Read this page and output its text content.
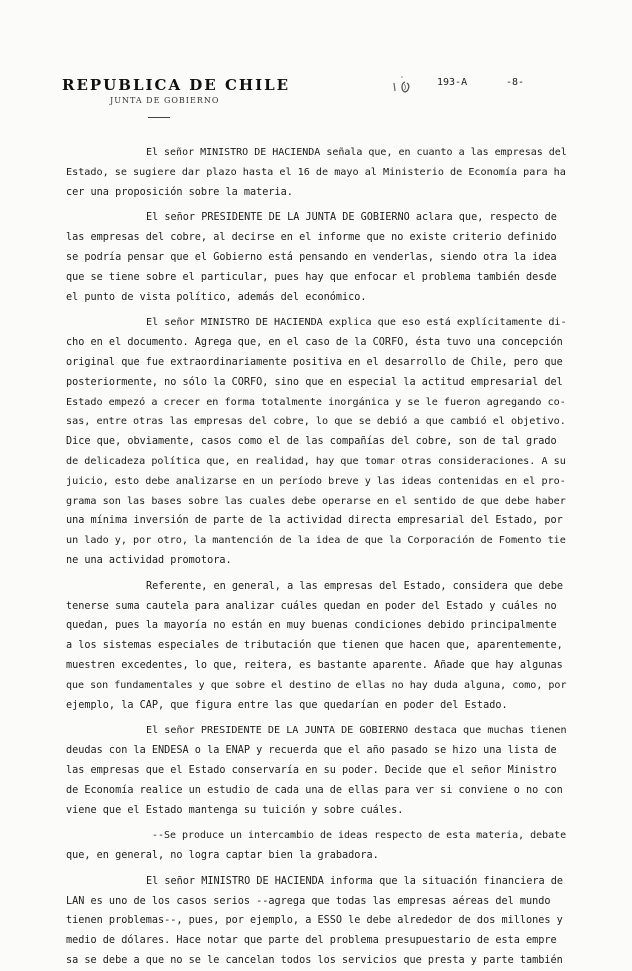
REPUBLICA DE CHILE
JUNTA DE GOBIERNO
193-A	-8-
El señor MINISTRO DE HACIENDA señala que, en cuanto a las empresas del
Estado, se sugiere dar plazo hasta el 16 de mayo al Ministerio de Economía para ha
cer una proposición sobre la materia.
El señor PRESIDENTE DE LA JUNTA DE GOBIERNO aclara que, respecto de
las empresas del cobre, al decirse en el informe que no existe criterio definido
se podría pensar que el Gobierno está pensando en venderlas, siendo otra la idea
que se tiene sobre el particular, pues hay que enfocar el problema también desde
el punto de vista político, además del económico.
El señor MINISTRO DE HACIENDA explica que eso está explícitamente di-
cho en el documento. Agrega que, en el caso de la CORFO, ésta tuvo una concepción
original que fue extraordinariamente positiva en el desarrollo de Chile, pero que
posteriormente, no sólo la CORFO, sino que en especial la actitud empresarial del
Estado empezó a crecer en forma totalmente inorgánica y se le fueron agregando co-
sas, entre otras las empresas del cobre, lo que se debió a que cambió el objetivo.
Dice que, obviamente, casos como el de las compañías del cobre, son de tal grado
de delicadeza política que, en realidad, hay que tomar otras consideraciones. A su
juicio, esto debe analizarse en un período breve y las ideas contenidas en el pro-
grama son las bases sobre las cuales debe operarse en el sentido de que debe haber
una mínima inversión de parte de la actividad directa empresarial del Estado, por
un lado y, por otro, la mantención de la idea de que la Corporación de Fomento tie
ne una actividad promotora.
Referente, en general, a las empresas del Estado, considera que debe
tenerse suma cautela para analizar cuáles quedan en poder del Estado y cuáles no
quedan, pues la mayoría no están en muy buenas condiciones debido principalmente
a los sistemas especiales de tributación que tienen que hacen que, aparentemente,
muestren excedentes, lo que, reitera, es bastante aparente. Añade que hay algunas
que son fundamentales y que sobre el destino de ellas no hay duda alguna, como, por
ejemplo, la CAP, que figura entre las que quedarían en poder del Estado.
El señor PRESIDENTE DE LA JUNTA DE GOBIERNO destaca que muchas tienen
deudas con la ENDESA o la ENAP y recuerda que el año pasado se hizo una lista de
las empresas que el Estado conservaría en su poder. Decide que el señor Ministro
de Economía realice un estudio de cada una de ellas para ver si conviene o no con
viene que el Estado mantenga su tuición y sobre cuáles.
--Se produce un intercambio de ideas respecto de esta materia, debate
que, en general, no logra captar bien la grabadora.
El señor MINISTRO DE HACIENDA informa que la situación financiera de
LAN es uno de los casos serios --agrega que todas las empresas aéreas del mundo
tienen problemas--, pues, por ejemplo, a ESSO le debe alrededor de dos millones y
medio de dólares. Hace notar que parte del problema presupuestario de esta empre
sa se debe a que no se le cancelan todos los servicios que presta y parte también
